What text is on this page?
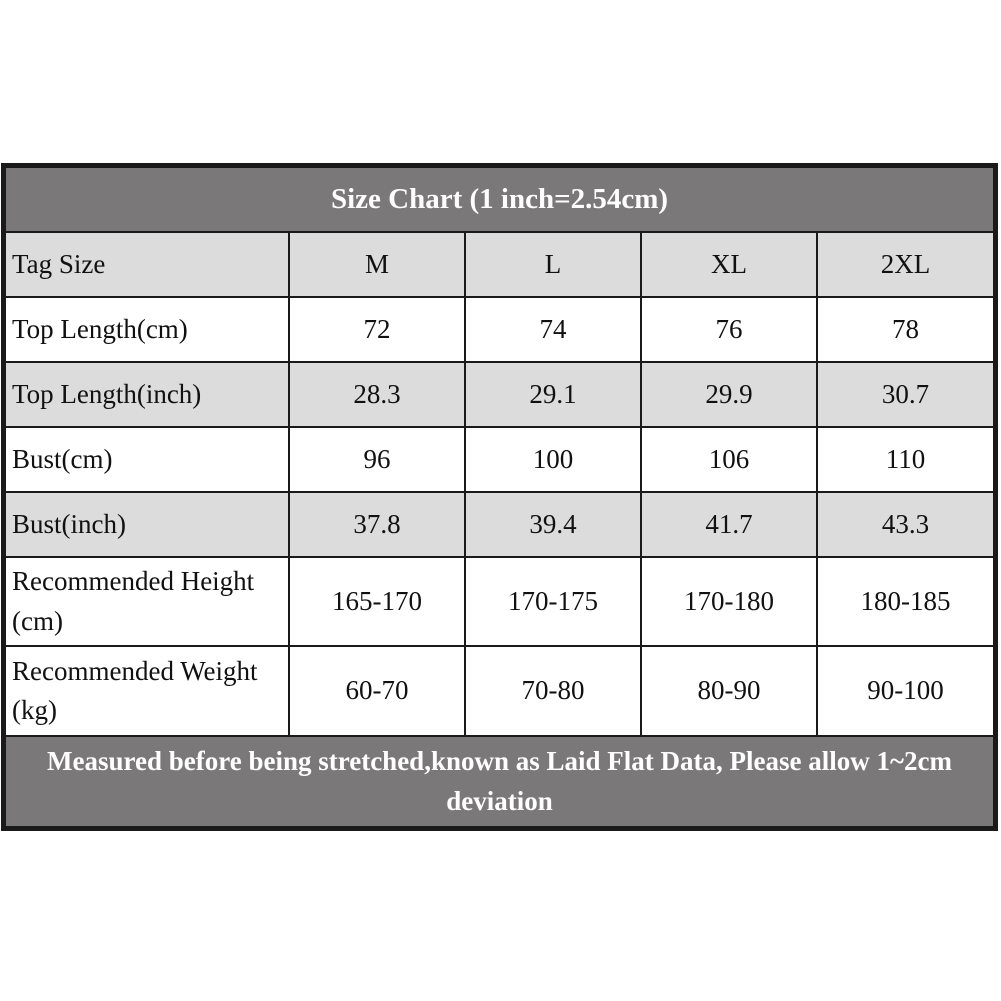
Size Chart (1 inch=2.54cm)				
Tag Size	M	L	XL	2XL
Top Length(cm)	72	74	76	78
Top Length(inch)	28.3	29.1	29.9	30.7
Bust(cm)	96	100	106	110
Bust(inch)	37.8	39.4	41.7	43.3
Recommended Height (cm)	165-170	170-175	170-180	180-185
Recommended Weight (kg)	60-70	70-80	80-90	90-100
Measured before being stretched,known as Laid Flat Data, Please allow 1~2cm deviation				
